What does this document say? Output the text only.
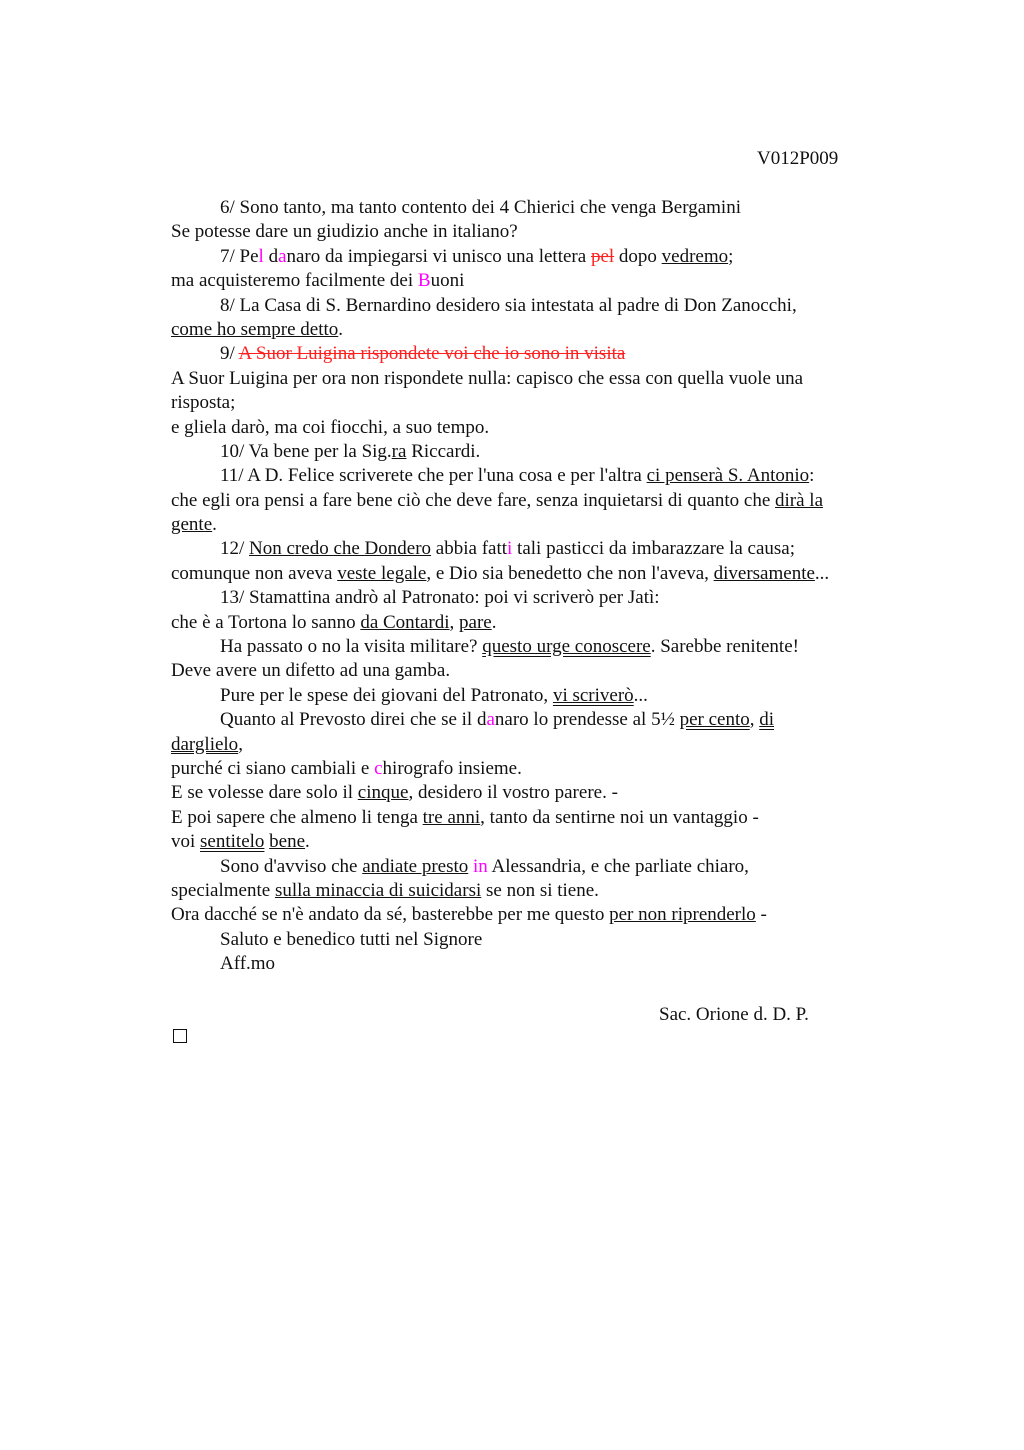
V012P009
6/ Sono tanto, ma tanto contento dei 4 Chierici che venga Bergamini
Se potesse dare un giudizio anche in italiano?
7/ Pel danaro da impiegarsi vi unisco una lettera pel dopo vedremo;
ma acquisteremo facilmente dei Buoni
8/ La Casa di S. Bernardino desidero sia intestata al padre di Don Zanocchi,
come ho sempre detto.
9/ A Suor Luigina rispondete voi che io sono in visita
A Suor Luigina per ora non rispondete nulla: capisco che essa con quella vuole una
risposta;
e gliela darò, ma coi fiocchi, a suo tempo.
10/ Va bene per la Sig.ra Riccardi.
11/ A D. Felice scriverete che per l'una cosa e per l'altra ci penserà S. Antonio:
che egli ora pensi a fare bene ciò che deve fare, senza inquietarsi di quanto che dirà la
gente.
12/ Non credo che Dondero abbia fatti tali pasticci da imbarazzare la causa;
comunque non aveva veste legale, e Dio sia benedetto che non l'aveva, diversamente...
13/ Stamattina andrò al Patronato: poi vi scriverò per Jatì:
che è a Tortona lo sanno da Contardi, pare.
Ha passato o no la visita militare? questo urge conoscere. Sarebbe renitente!
Deve avere un difetto ad una gamba.
Pure per le spese dei giovani del Patronato, vi scriverò...
Quanto al Prevosto direi che se il danaro lo prendesse al 5½ per cento, di
darglielo,
purché ci siano cambiali e chirografo insieme.
E se volesse dare solo il cinque, desidero il vostro parere. -
E poi sapere che almeno li tenga tre anni, tanto da sentirne noi un vantaggio -
voi sentitelo bene.
Sono d'avviso che andiate presto in Alessandria, e che parliate chiaro,
specialmente sulla minaccia di suicidarsi se non si tiene.
Ora dacché se n'è andato da sé, basterebbe per me questo per non riprenderlo -
Saluto e benedico tutti nel Signore
Aff.mo
Sac. Orione d. D. P.
